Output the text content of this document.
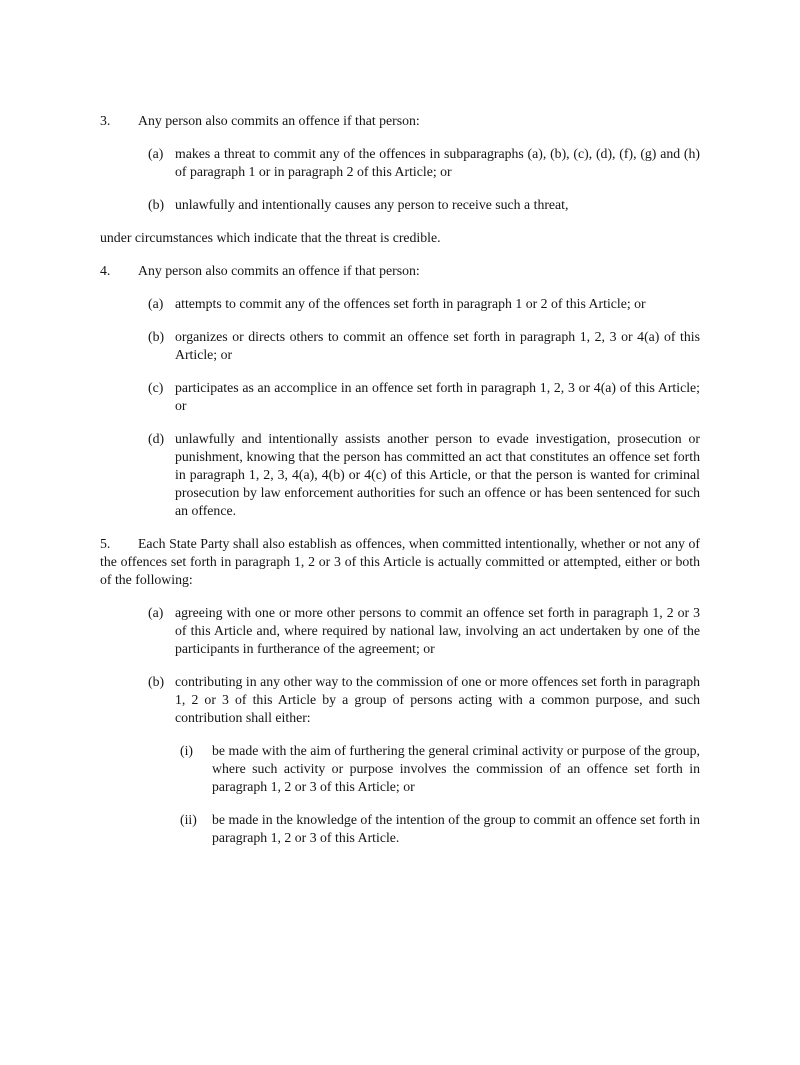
3. Any person also commits an offence if that person:

(a) makes a threat to commit any of the offences in subparagraphs (a), (b), (c), (d), (f), (g) and (h) of paragraph 1 or in paragraph 2 of this Article; or
(b) unlawfully and intentionally causes any person to receive such a threat,

under circumstances which indicate that the threat is credible.

4. Any person also commits an offence if that person:

(a) attempts to commit any of the offences set forth in paragraph 1 or 2 of this Article; or
(b) organizes or directs others to commit an offence set forth in paragraph 1, 2, 3 or 4(a) of this Article; or
(c) participates as an accomplice in an offence set forth in paragraph 1, 2, 3 or 4(a) of this Article; or
(d) unlawfully and intentionally assists another person to evade investigation, prosecution or punishment, knowing that the person has committed an act that constitutes an offence set forth in paragraph 1, 2, 3, 4(a), 4(b) or 4(c) of this Article, or that the person is wanted for criminal prosecution by law enforcement authorities for such an offence or has been sentenced for such an offence.

5. Each State Party shall also establish as offences, when committed intentionally, whether or not any of the offences set forth in paragraph 1, 2 or 3 of this Article is actually committed or attempted, either or both of the following:

(a) agreeing with one or more other persons to commit an offence set forth in paragraph 1, 2 or 3 of this Article and, where required by national law, involving an act undertaken by one of the participants in furtherance of the agreement; or
(b) contributing in any other way to the commission of one or more offences set forth in paragraph 1, 2 or 3 of this Article by a group of persons acting with a common purpose, and such contribution shall either:
(i)	be made with the aim of furthering the general criminal activity or purpose of the group, where such activity or purpose involves the commission of an offence set forth in paragraph 1, 2 or 3 of this Article; or
(ii)	be made in the knowledge of the intention of the group to commit an offence set forth in paragraph 1, 2 or 3 of this Article.
